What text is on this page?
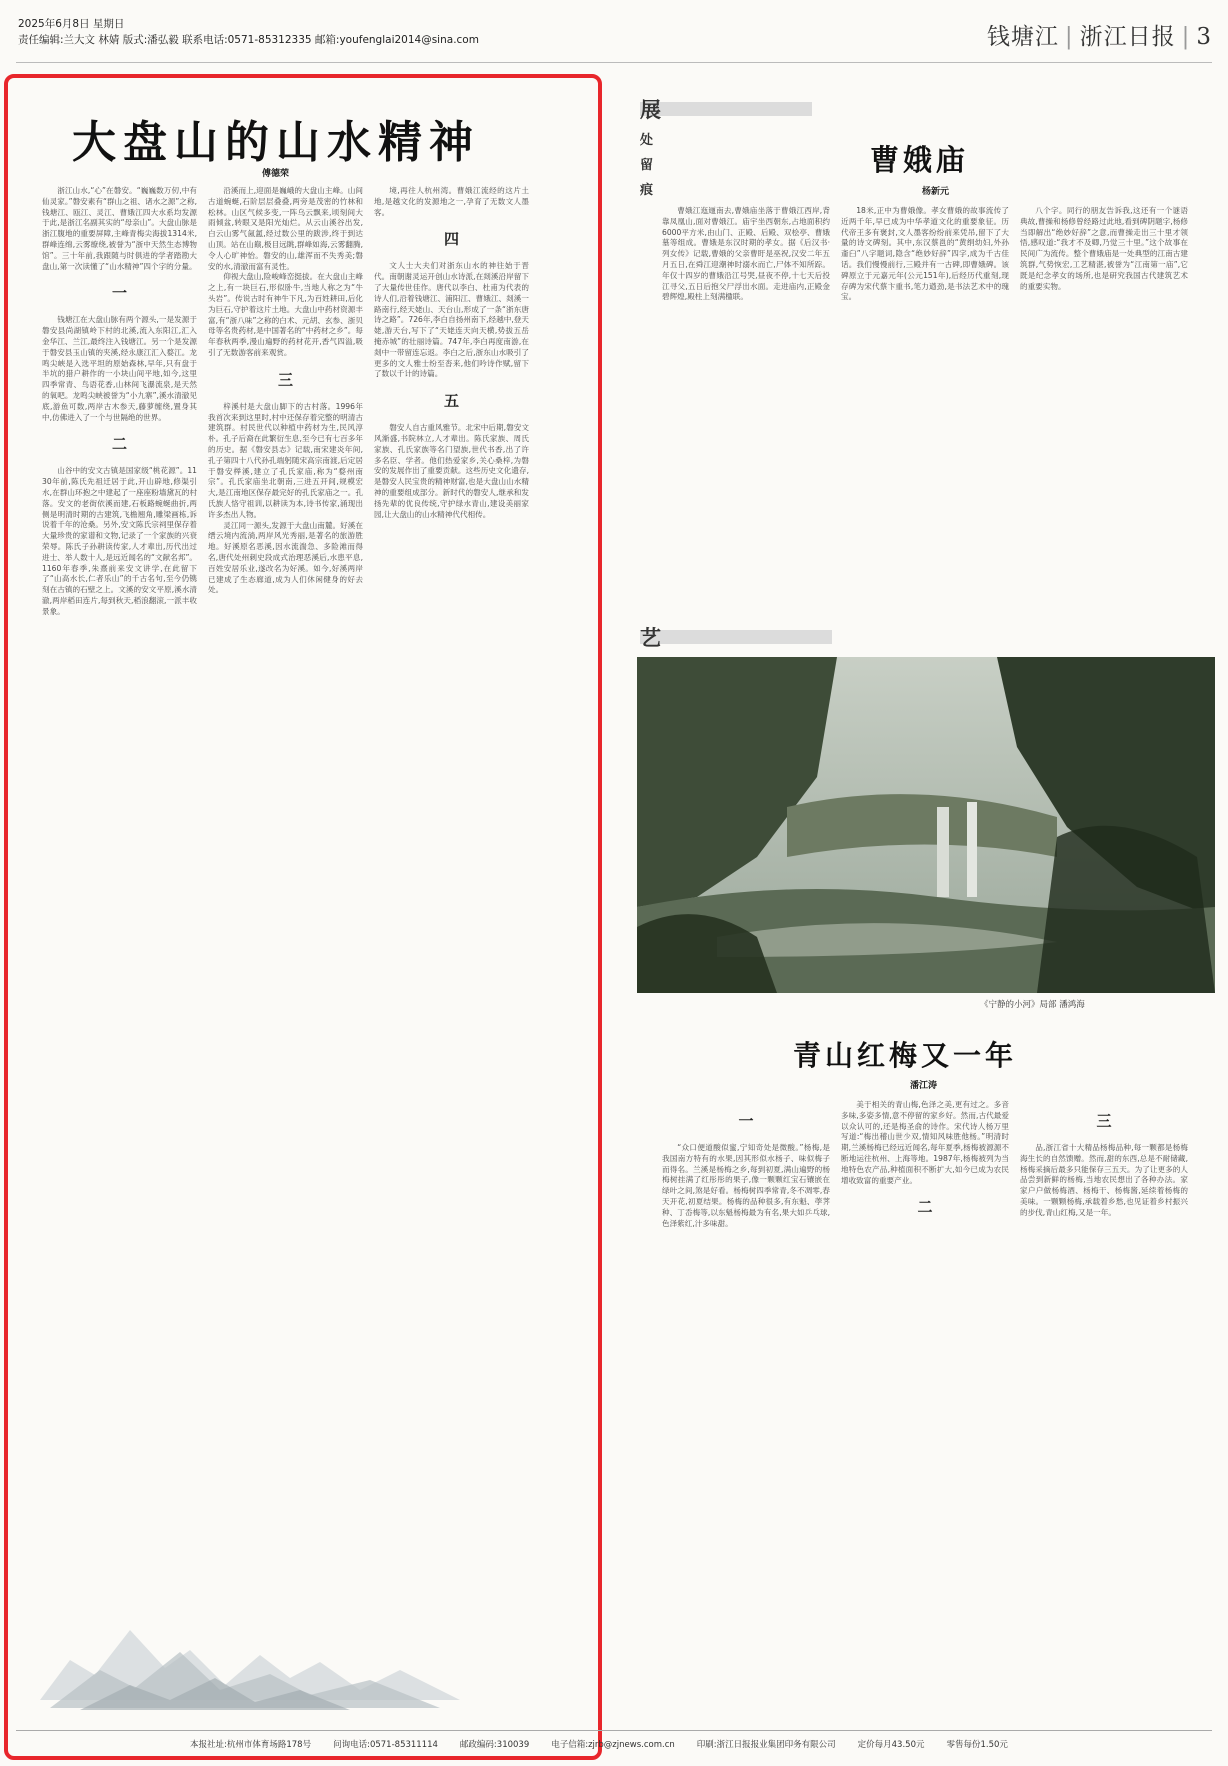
2025年6月8日 星期日
责任编辑:兰大文 林婧 版式:潘弘毅 联系电话:0571-85312335 邮箱:youfenglai2014@sina.com	钱塘江 | 浙江日报 | 3
大盘山的山水精神
傅德荣

浙江山水,“心”在磐安。“巍巍数万仞,中有仙灵家。”磐安素有“群山之祖、诸水之源”之称,钱塘江、瓯江、灵江、曹娥江四大水系均发源于此,是浙江名副其实的“母亲山”。大盘山脉是浙江腹地的重要屏障,主峰青梅尖海拔1314米,群峰连绵,云雾缭绕,被誉为“浙中天然生态博物馆”。三十年前,我跟随与时俱进的学者踏勘大盘山,第一次读懂了“山水精神”四个字的分量。

一

钱塘江在大盘山脉有两个源头,一是发源于磐安县尚湖镇岭下村的北溪,流入东阳江,汇入金华江、兰江,最终注入钱塘江。另一个是发源于磐安县玉山镇的夹溪,经永康江汇入婺江。龙鸣尖峡是入选平坦的原始森林,早年,只有盘于半坑的猎户耕作的一小块山间平地,如今,这里四季常青、鸟语花香,山林间飞瀑流泉,是天然的氧吧。龙鸣尖峡被誉为“小九寨”,溪水清澈见底,游鱼可数,两岸古木参天,藤萝缠绕,置身其中,仿佛进入了一个与世隔绝的世界。

二

山谷中的安文古镇是国家级“桃花源”。1130年前,陈氏先祖迁居于此,开山辟地,修渠引水,在群山环抱之中建起了一座座粉墙黛瓦的村落。安文的老街依溪而建,石板路蜿蜒曲折,两侧是明清时期的古建筑,飞檐翘角,雕梁画栋,诉说着千年的沧桑。另外,安文陈氏宗祠里保存着大量珍贵的家谱和文物,记录了一个家族的兴衰荣辱。陈氏子孙耕读传家,人才辈出,历代出过进士、举人数十人,是远近闻名的“文献名邦”。1160年春季,朱熹前来安文讲学,在此留下了“山高水长,仁者乐山”的千古名句,至今仍镌刻在古镇的石壁之上。文溪的安文平原,溪水清澈,两岸稻田连片,每到秋天,稻浪翻滚,一派丰收景象。

沿溪而上,迎面是巍峨的大盘山主峰。山间古道蜿蜒,石阶层层叠叠,两旁是茂密的竹林和松林。山区气候多变,一阵乌云飘来,顷刻间大雨倾盆,转眼又是阳光灿烂。从云山溪谷出发,白云山雾气氤氲,经过数公里的跋涉,终于到达山顶。站在山巅,极目远眺,群峰如海,云雾翻腾,令人心旷神怡。磐安的山,雄浑而不失秀美;磐安的水,清澈而富有灵性。

仰视大盘山,险峻峰峦挺拔。在大盘山主峰之上,有一块巨石,形似卧牛,当地人称之为“牛头岩”。传说古时有神牛下凡,为百姓耕田,后化为巨石,守护着这片土地。大盘山中药材资源丰富,有“浙八味”之称的白术、元胡、玄参、浙贝母等名贵药材,是中国著名的“中药材之乡”。每年春秋两季,漫山遍野的药材花开,香气四溢,吸引了无数游客前来观赏。

三

梓溪村是大盘山脚下的古村落。1996年我首次来到这里时,村中还保存着完整的明清古建筑群。村民世代以种植中药材为生,民风淳朴。孔子后裔在此繁衍生息,至今已有七百多年的历史。据《磐安县志》记载,南宋建炎年间,孔子第四十八代孙孔端躬随宋高宗南渡,后定居于磐安榉溪,建立了孔氏家庙,称为“婺州南宗”。孔氏家庙坐北朝南,三进五开间,规模宏大,是江南地区保存最完好的孔氏家庙之一。孔氏族人恪守祖训,以耕读为本,诗书传家,涌现出许多杰出人物。

灵江同一源头,发源于大盘山南麓。好溪在缙云境内流淌,两岸风光秀丽,是著名的旅游胜地。好溪原名恶溪,因水流湍急、多险滩而得名,唐代处州刺史段成式治理恶溪后,水患平息,百姓安居乐业,遂改名为好溪。如今,好溪两岸已建成了生态廊道,成为人们休闲健身的好去处。

境,再往人杭州湾。曹娥江流经的这片土地,是越文化的发源地之一,孕育了无数文人墨客。

四

文人士大夫们对浙东山水的神往始于晋代。南朝谢灵运开创山水诗派,在剡溪沿岸留下了大量传世佳作。唐代以李白、杜甫为代表的诗人们,沿着钱塘江、浦阳江、曹娥江、剡溪一路南行,经天姥山、天台山,形成了一条“浙东唐诗之路”。726年,李白自扬州南下,经越中,登天姥,游天台,写下了“天姥连天向天横,势拔五岳掩赤城”的壮丽诗篇。747年,李白再度南游,在剡中一带留连忘返。李白之后,浙东山水吸引了更多的文人雅士纷至沓来,他们吟诗作赋,留下了数以千计的诗篇。

五

磐安人自古重风雅节。北宋中后期,磐安文风渐盛,书院林立,人才辈出。陈氏家族、周氏家族、孔氏家族等名门望族,世代书香,出了许多名臣、学者。他们热爱家乡,关心桑梓,为磐安的发展作出了重要贡献。这些历史文化遗存,是磐安人民宝贵的精神财富,也是大盘山山水精神的重要组成部分。新时代的磐安人,继承和发扬先辈的优良传统,守护绿水青山,建设美丽家园,让大盘山的山水精神代代相传。

展处留痕
曹娥庙
杨新元

曹娥江迤逦南去,曹娥庙坐落于曹娥江西岸,背靠凤凰山,面对曹娥江。庙宇坐西朝东,占地面积约6000平方米,由山门、正殿、后殿、双桧亭、曹娥墓等组成。曹娥是东汉时期的孝女。据《后汉书·列女传》记载,曹娥的父亲曹盱是巫祝,汉安二年五月五日,在舜江迎潮神时溺水而亡,尸体不知所踪。年仅十四岁的曹娥沿江号哭,昼夜不停,十七天后投江寻父,五日后抱父尸浮出水面。走进庙内,正殿金碧辉煌,殿柱上刻满楹联。

18米,正中为曹娥像。孝女曹娥的故事流传了近两千年,早已成为中华孝道文化的重要象征。历代帝王多有褒封,文人墨客纷纷前来凭吊,留下了大量的诗文碑刻。其中,东汉蔡邕的“黄绢幼妇,外孙齑臼”八字题词,隐含“绝妙好辞”四字,成为千古佳话。我们慢慢前行,三殿并有一古碑,即曹娥碑。该碑原立于元嘉元年(公元151年),后经历代重刻,现存碑为宋代蔡卞重书,笔力遒劲,是书法艺术中的瑰宝。

八个字。同行的朋友告诉我,这还有一个谜语典故,曹操和杨修曾经路过此地,看到碑阴题字,杨修当即解出“绝妙好辞”之意,而曹操走出三十里才领悟,感叹道:“我才不及卿,乃觉三十里。”这个故事在民间广为流传。整个曹娥庙是一处典型的江南古建筑群,气势恢宏,工艺精湛,被誉为“江南第一庙”,它既是纪念孝女的场所,也是研究我国古代建筑艺术的重要实物。

艺
《宁静的小河》局部 潘鸿海
青山红梅又一年
潘江涛
一

“众口便道酸似蜜,宁知奇处是微酸。”杨梅,是我国南方特有的水果,因其形似水杨子、味似梅子而得名。兰溪是杨梅之乡,每到初夏,满山遍野的杨梅树挂满了红彤彤的果子,像一颗颗红宝石镶嵌在绿叶之间,煞是好看。杨梅树四季常青,冬不凋零,春天开花,初夏结果。杨梅的品种很多,有东魁、荸荠种、丁岙梅等,以东魁杨梅最为有名,果大如乒乓球,色泽紫红,汁多味甜。

美于相关的青山梅,色泽之美,更有过之。多音多味,多姿多情,意不停留的家乡好。然而,古代最爱以众认可的,还是梅圣俞的诗作。宋代诗人杨万里写道:“梅出稽山世少双,情知风味胜他杨。”明清时期,兰溪杨梅已经远近闻名,每年夏季,杨梅被源源不断地运往杭州、上海等地。1987年,杨梅被列为当地特色农产品,种植面积不断扩大,如今已成为农民增收致富的重要产业。

二
三

品,浙江省十大精品杨梅品种,每一颗都是杨梅海生长的自然馈赠。然而,甜的东西,总是不耐储藏,杨梅采摘后最多只能保存三五天。为了让更多的人品尝到新鲜的杨梅,当地农民想出了各种办法。家家户户做杨梅酒、杨梅干、杨梅酱,延续着杨梅的美味。一颗颗杨梅,承载着乡愁,也见证着乡村振兴的步伐,青山红梅,又是一年。

本报社址:杭州市体育场路178号	问询电话:0571-85311114	邮政编码:310039	电子信箱:zjrb@zjnews.com.cn	印刷:浙江日报报业集团印务有限公司	定价每月43.50元	零售每份1.50元
